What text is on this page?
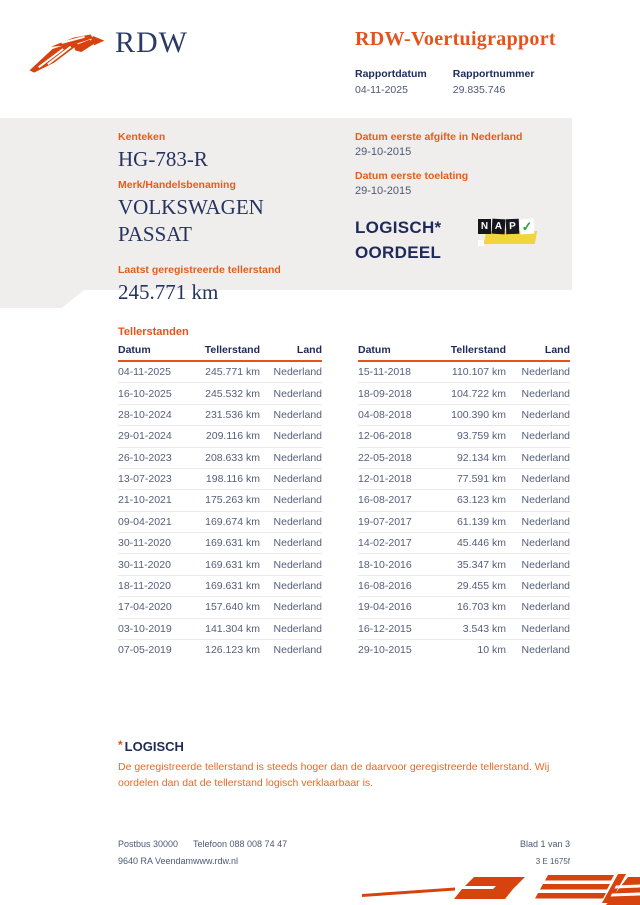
RDW	RDW-Voertuigrapport
Rapportdatum
04-11-2025
Rapportnummer
29.835.746
Kenteken
HG-783-R
Merk/Handelsbenaming
VOLKSWAGEN
PASSAT
Laatst geregistreerde tellerstand
245.771 km
Datum eerste afgifte in Nederland
29-10-2015
Datum eerste toelating
29-10-2015
LOGISCH*
OORDEEL
N A P ✓
Tellerstanden
Datum	Tellerstand	Land
04-11-2025	245.771 km	Nederland
16-10-2025	245.532 km	Nederland
28-10-2024	231.536 km	Nederland
29-01-2024	209.116 km	Nederland
26-10-2023	208.633 km	Nederland
13-07-2023	198.116 km	Nederland
21-10-2021	175.263 km	Nederland
09-04-2021	169.674 km	Nederland
30-11-2020	169.631 km	Nederland
30-11-2020	169.631 km	Nederland
18-11-2020	169.631 km	Nederland
17-04-2020	157.640 km	Nederland
03-10-2019	141.304 km	Nederland
07-05-2019	126.123 km	Nederland
Datum	Tellerstand	Land
15-11-2018	110.107 km	Nederland
18-09-2018	104.722 km	Nederland
04-08-2018	100.390 km	Nederland
12-06-2018	93.759 km	Nederland
22-05-2018	92.134 km	Nederland
12-01-2018	77.591 km	Nederland
16-08-2017	63.123 km	Nederland
19-07-2017	61.139 km	Nederland
14-02-2017	45.446 km	Nederland
18-10-2016	35.347 km	Nederland
16-08-2016	29.455 km	Nederland
19-04-2016	16.703 km	Nederland
16-12-2015	3.543 km	Nederland
29-10-2015	10 km	Nederland
* LOGISCH
De geregistreerde tellerstand is steeds hoger dan de daarvoor geregistreerde tellerstand. Wij oordelen dan dat de tellerstand logisch verklaarbaar is.
Postbus 30000
9640 RA Veendam
Telefoon 088 008 74 47
www.rdw.nl
Blad 1 van 3
3 E 1675f
